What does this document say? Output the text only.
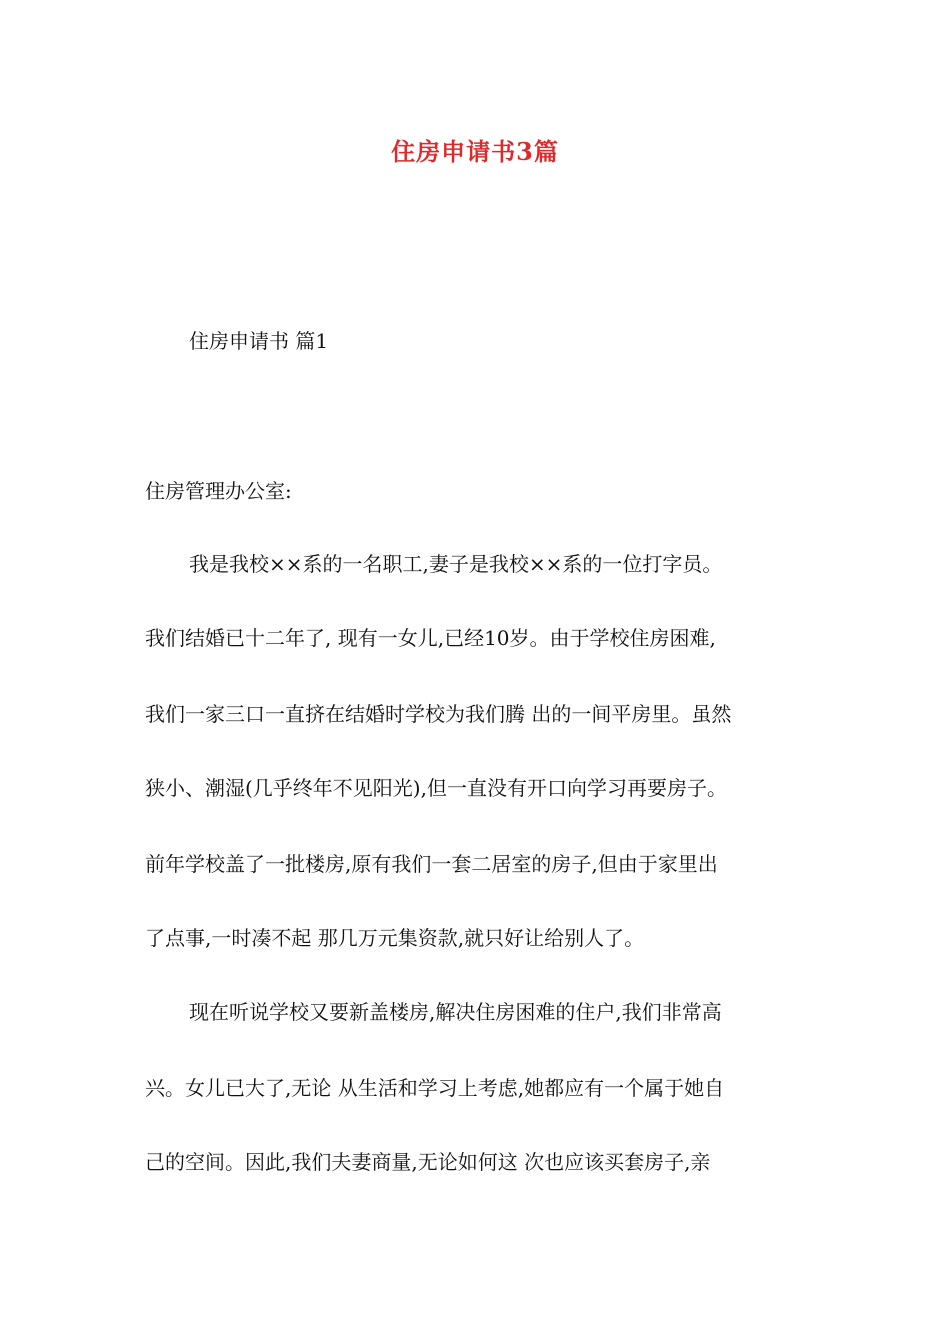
住房申请书3篇
住房申请书 篇1
住房管理办公室:
我是我校××系的一名职工,妻子是我校××系的一位打字员。
我们结婚已十二年了, 现有一女儿,已经10岁。由于学校住房困难,
我们一家三口一直挤在结婚时学校为我们腾 出的一间平房里。虽然
狭小、潮湿(几乎终年不见阳光),但一直没有开口向学习再要房子。
前年学校盖了一批楼房,原有我们一套二居室的房子,但由于家里出
了点事,一时凑不起 那几万元集资款,就只好让给别人了。
现在听说学校又要新盖楼房,解决住房困难的住户,我们非常高
兴。女儿已大了,无论 从生活和学习上考虑,她都应有一个属于她自
己的空间。因此,我们夫妻商量,无论如何这 次也应该买套房子,亲
